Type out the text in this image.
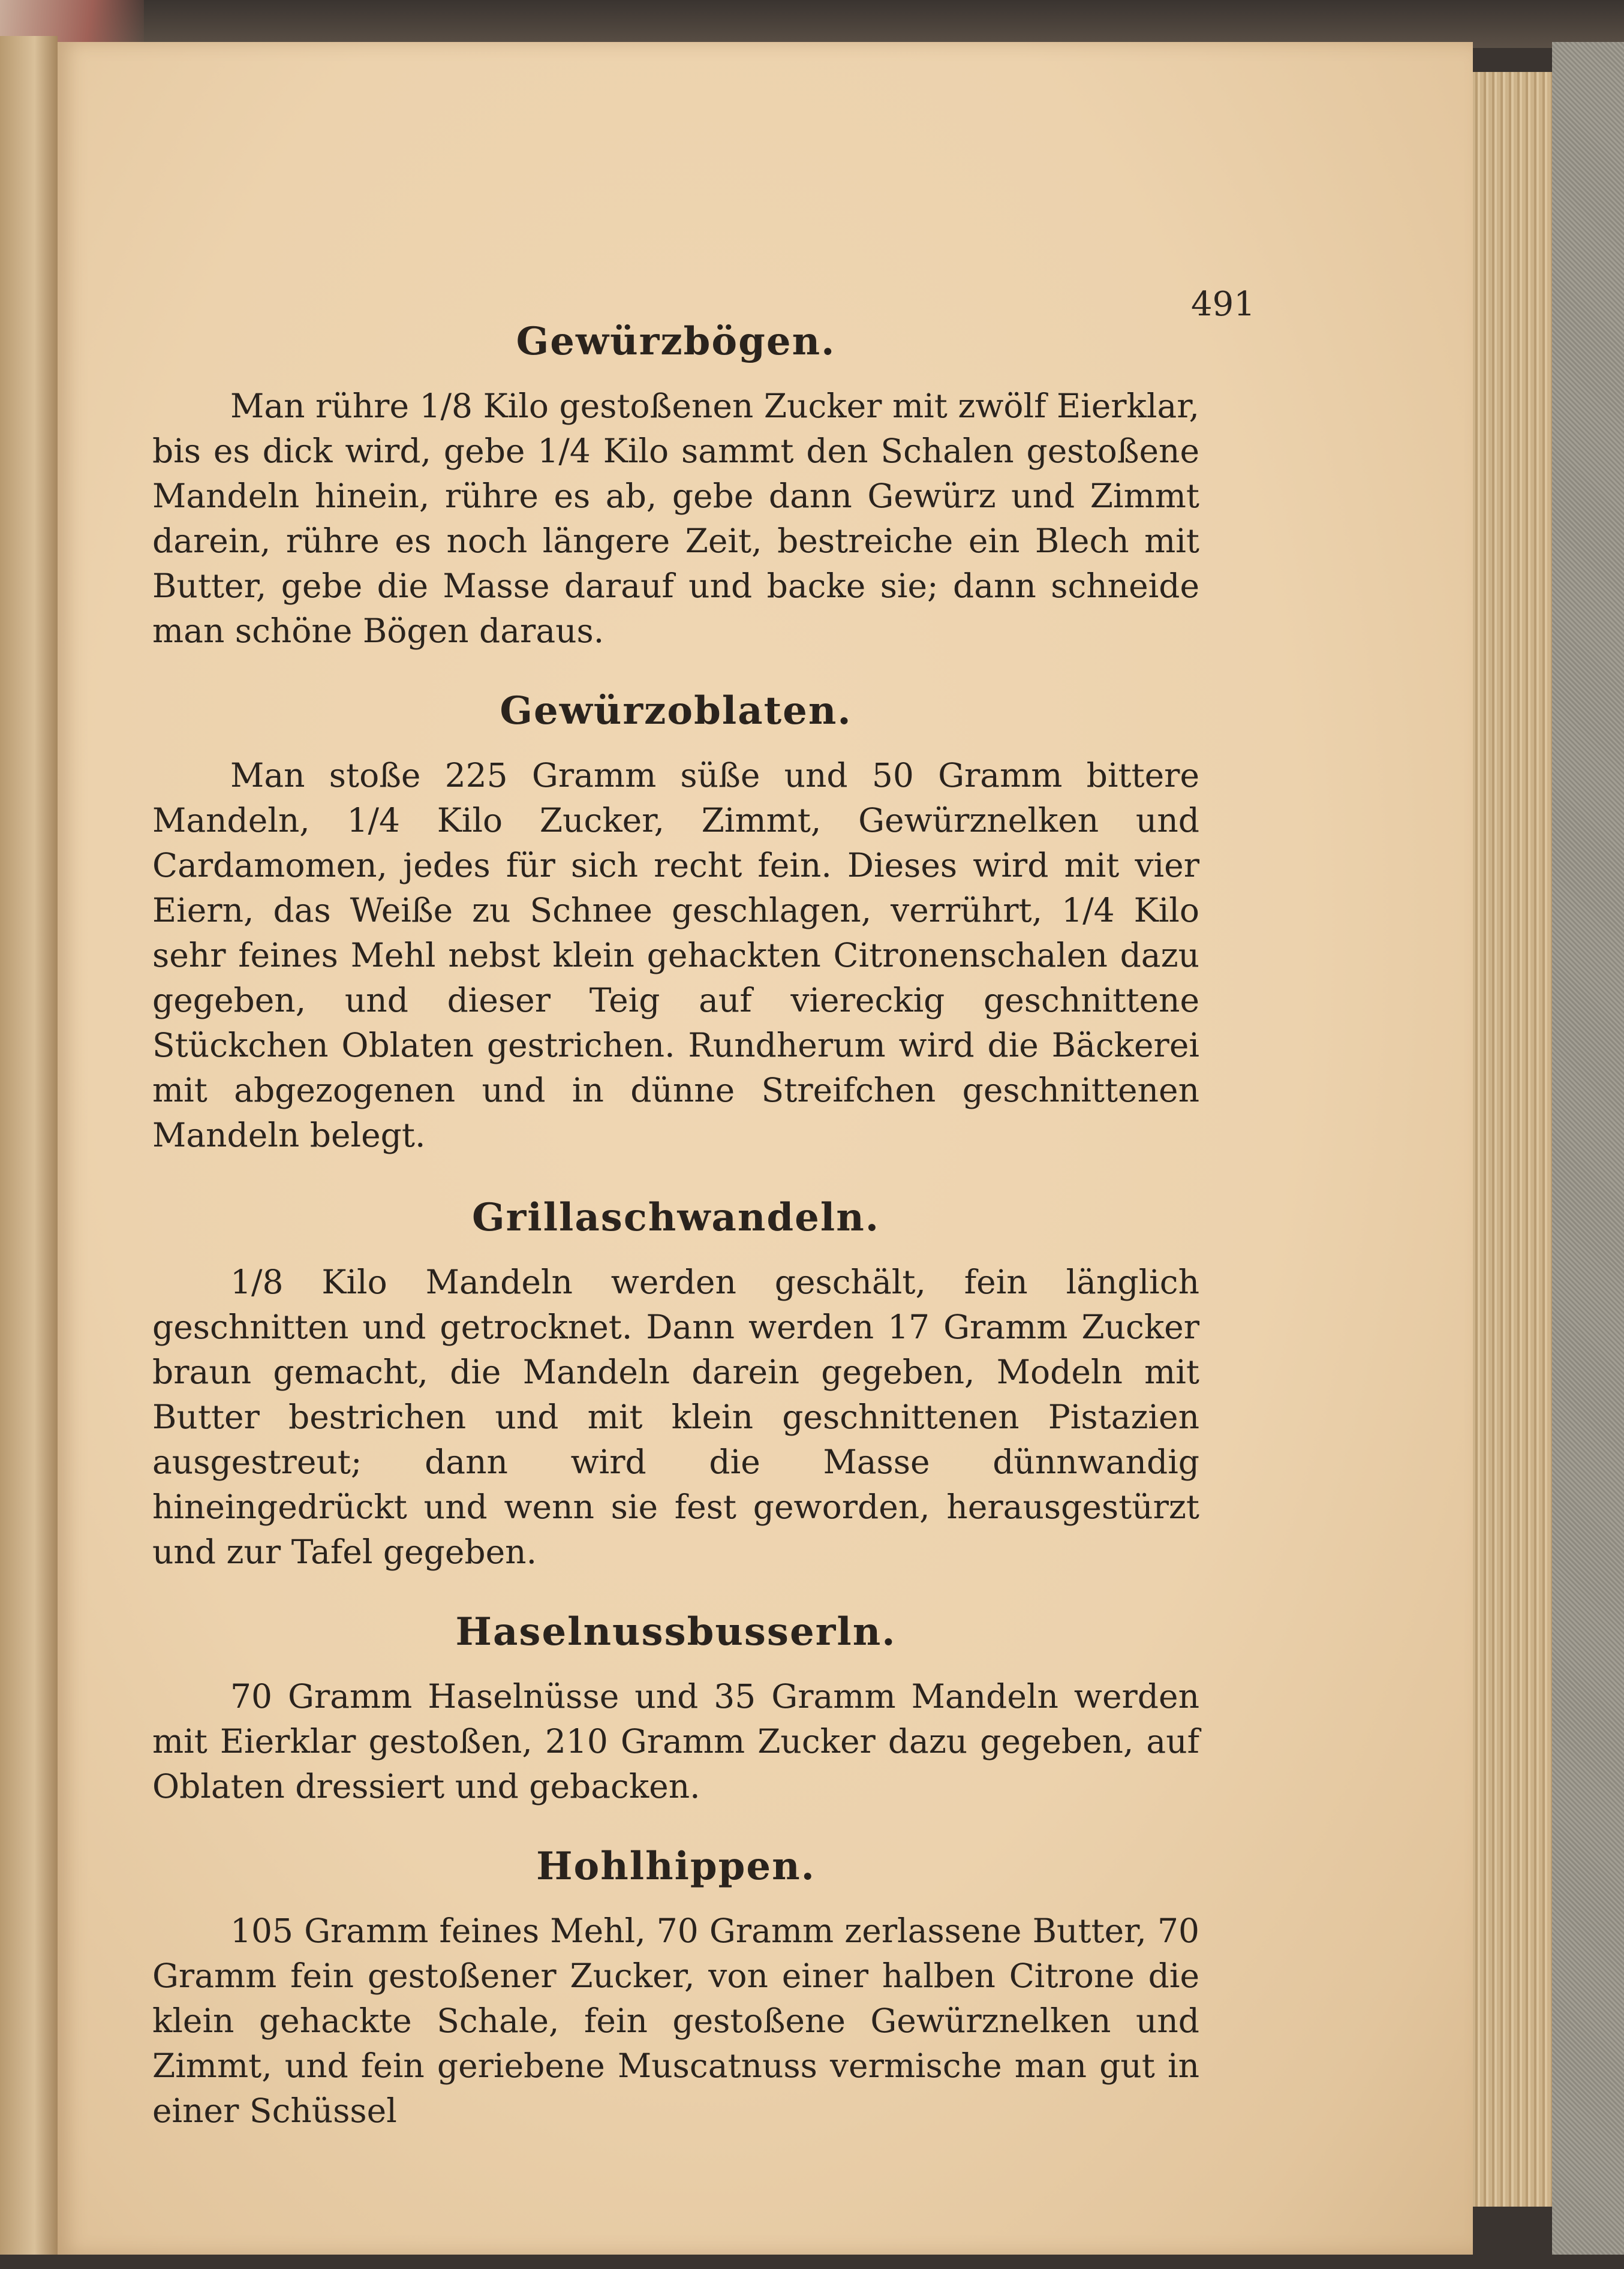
491
Gewürzbögen.

Man rühre 1/8 Kilo gestoßenen Zucker mit zwölf Eierklar, bis es dick wird, gebe 1/4 Kilo sammt den Schalen gestoßene Mandeln hinein, rühre es ab, gebe dann Gewürz und Zimmt darein, rühre es noch längere Zeit, bestreiche ein Blech mit Butter, gebe die Masse darauf und backe sie; dann schneide man schöne Bögen daraus.

Gewürzoblaten.

Man stoße 225 Gramm süße und 50 Gramm bittere Mandeln, 1/4 Kilo Zucker, Zimmt, Gewürznelken und Cardamomen, jedes für sich recht fein. Dieses wird mit vier Eiern, das Weiße zu Schnee geschlagen, verrührt, 1/4 Kilo sehr feines Mehl nebst klein gehackten Citronenschalen dazu gegeben, und dieser Teig auf viereckig geschnittene Stückchen Oblaten gestrichen. Rundherum wird die Bäckerei mit abgezogenen und in dünne Streifchen geschnittenen Mandeln belegt.

Grillaschwandeln.

1/8 Kilo Mandeln werden geschält, fein länglich geschnitten und getrocknet. Dann werden 17 Gramm Zucker braun gemacht, die Mandeln darein gegeben, Modeln mit Butter bestrichen und mit klein geschnittenen Pistazien ausgestreut; dann wird die Masse dünnwandig hineingedrückt und wenn sie fest geworden, herausgestürzt und zur Tafel gegeben.

Haselnussbusserln.

70 Gramm Haselnüsse und 35 Gramm Mandeln werden mit Eierklar gestoßen, 210 Gramm Zucker dazu gegeben, auf Oblaten dressiert und gebacken.

Hohlhippen.

105 Gramm feines Mehl, 70 Gramm zerlassene Butter, 70 Gramm fein gestoßener Zucker, von einer halben Citrone die klein gehackte Schale, fein gestoßene Gewürznelken und Zimmt, und fein geriebene Muscatnuss vermische man gut in einer Schüssel
